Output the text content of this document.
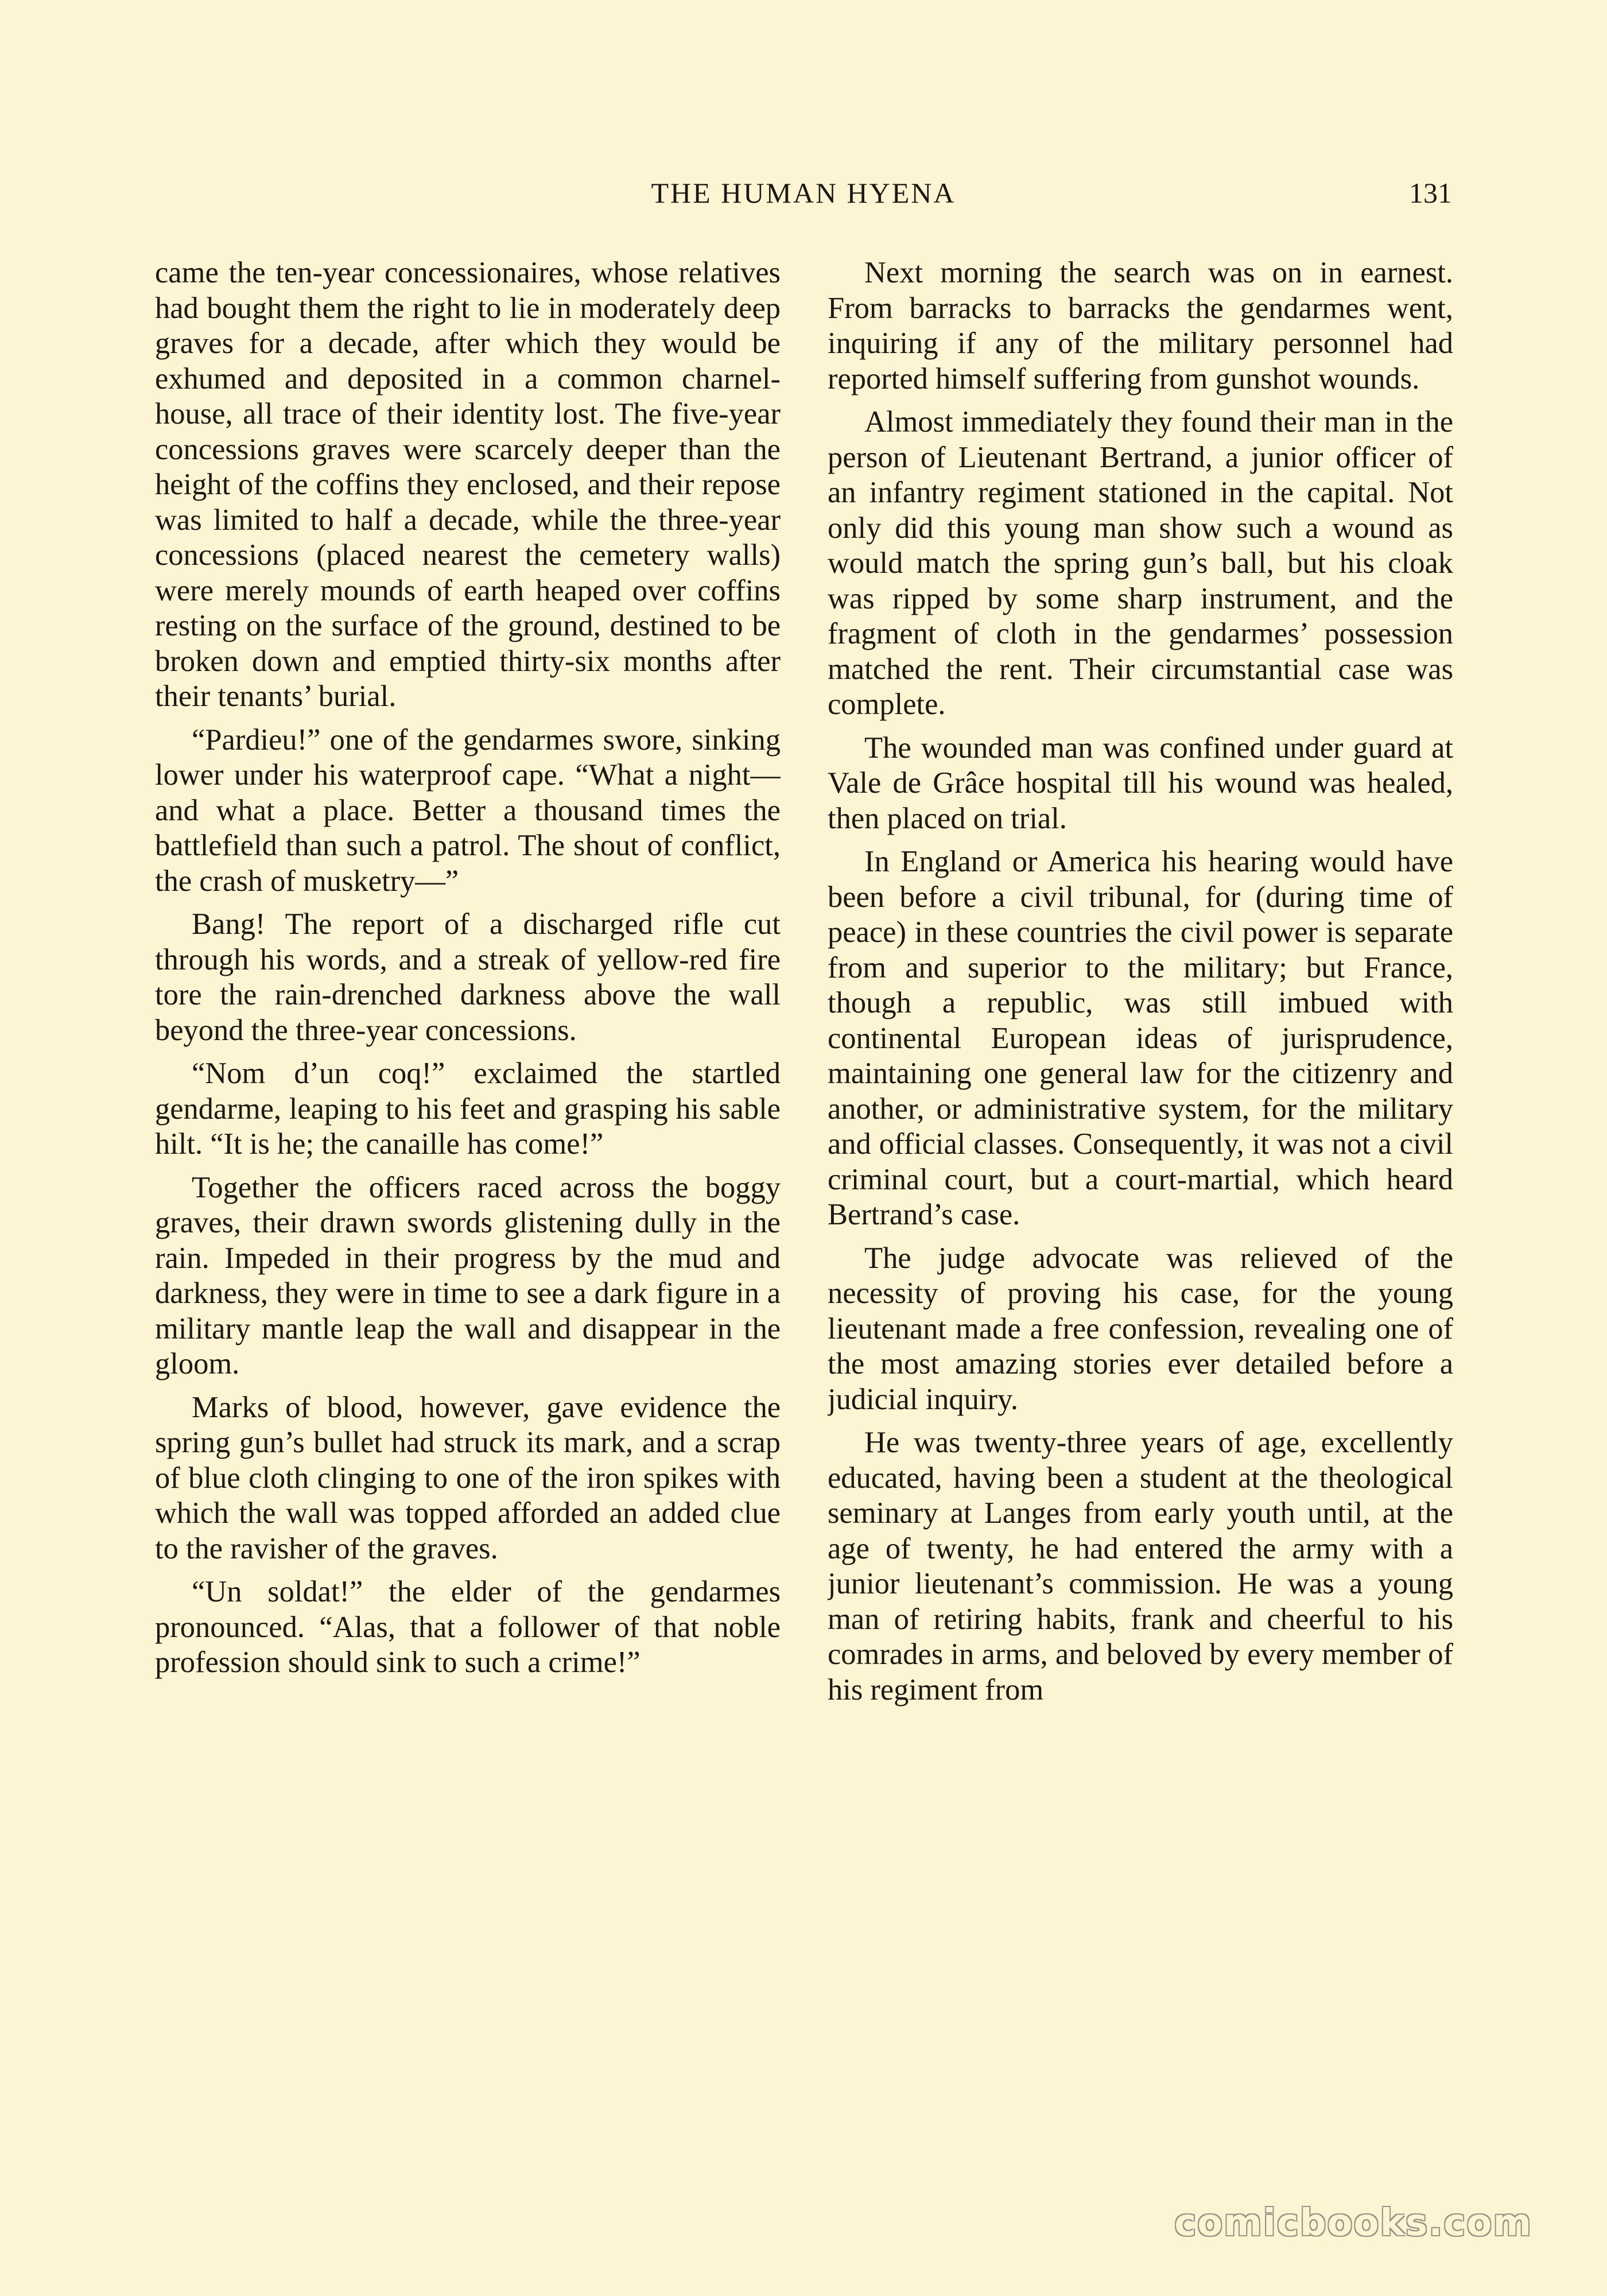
THE HUMAN HYENA	131

came the ten-year concessionaires, whose relatives had bought them the right to lie in moderately deep graves for a decade, after which they would be exhumed and deposited in a common charnel-house, all trace of their identity lost. The five-year concessions graves were scarcely deeper than the height of the coffins they enclosed, and their repose was limited to half a decade, while the three-year concessions (placed nearest the cemetery walls) were merely mounds of earth heaped over coffins resting on the surface of the ground, destined to be broken down and emptied thirty-six months after their tenants’ burial.

“Pardieu!” one of the gendarmes swore, sinking lower under his waterproof cape. “What a night—and what a place. Better a thousand times the battlefield than such a patrol. The shout of conflict, the crash of musketry—”

Bang! The report of a discharged rifle cut through his words, and a streak of yellow-red fire tore the rain-drenched darkness above the wall beyond the three-year concessions.

“Nom d’un coq!” exclaimed the startled gendarme, leaping to his feet and grasping his sable hilt. “It is he; the canaille has come!”

Together the officers raced across the boggy graves, their drawn swords glistening dully in the rain. Impeded in their progress by the mud and darkness, they were in time to see a dark figure in a military mantle leap the wall and disappear in the gloom.

Marks of blood, however, gave evidence the spring gun’s bullet had struck its mark, and a scrap of blue cloth clinging to one of the iron spikes with which the wall was topped afforded an added clue to the ravisher of the graves.

“Un soldat!” the elder of the gendarmes pronounced. “Alas, that a follower of that noble profession should sink to such a crime!”

Next morning the search was on in earnest. From barracks to barracks the gendarmes went, inquiring if any of the military personnel had reported himself suffering from gunshot wounds.

Almost immediately they found their man in the person of Lieutenant Bertrand, a junior officer of an infantry regiment stationed in the capital. Not only did this young man show such a wound as would match the spring gun’s ball, but his cloak was ripped by some sharp instrument, and the fragment of cloth in the gendarmes’ possession matched the rent. Their circumstantial case was complete.

The wounded man was confined under guard at Vale de Grâce hospital till his wound was healed, then placed on trial.

In England or America his hearing would have been before a civil tribunal, for (during time of peace) in these countries the civil power is separate from and superior to the military; but France, though a republic, was still imbued with continental European ideas of jurisprudence, maintaining one general law for the citizenry and another, or administrative system, for the military and official classes. Consequently, it was not a civil criminal court, but a court-martial, which heard Bertrand’s case.

The judge advocate was relieved of the necessity of proving his case, for the young lieutenant made a free confession, revealing one of the most amazing stories ever detailed before a judicial inquiry.

He was twenty-three years of age, excellently educated, having been a student at the theological seminary at Langes from early youth until, at the age of twenty, he had entered the army with a junior lieutenant’s commission. He was a young man of retiring habits, frank and cheerful to his comrades in arms, and beloved by every member of his regiment from

comicbooks.com
